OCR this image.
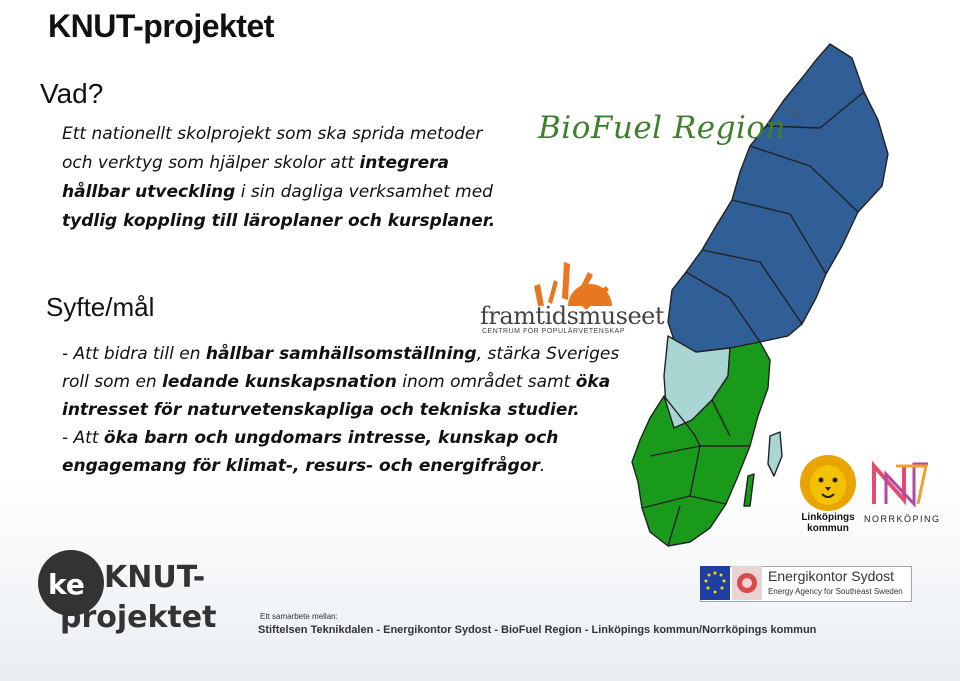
KNUT-projektet
Vad?
Ett nationellt skolprojekt som ska sprida metoder och verktyg som hjälper skolor att integrera hållbar utveckling i sin dagliga verksamhet med tydlig koppling till läroplaner och kursplaner.
Syfte/mål
- Att bidra till en hållbar samhällsomställning, stärka Sveriges roll som en ledande kunskapsnation inom området samt öka intresset för naturvetenskapliga och tekniska studier.
- Att öka barn och ungdomars intresse, kunskap och engagemang för klimat-, resurs- och energifrågor.
BioFuel Region™
framtidsmuseet
CENTRUM FÖR POPULÄRVETENSKAP
Linköpings kommun
NORRKÖPING
Energikontor Sydost
Energy Agency for Southeast Sweden
ke KNUT-
projektet	Ett samarbete mellan:
Stiftelsen Teknikdalen - Energikontor Sydost - BioFuel Region - Linköpings kommun/Norrköpings kommun
